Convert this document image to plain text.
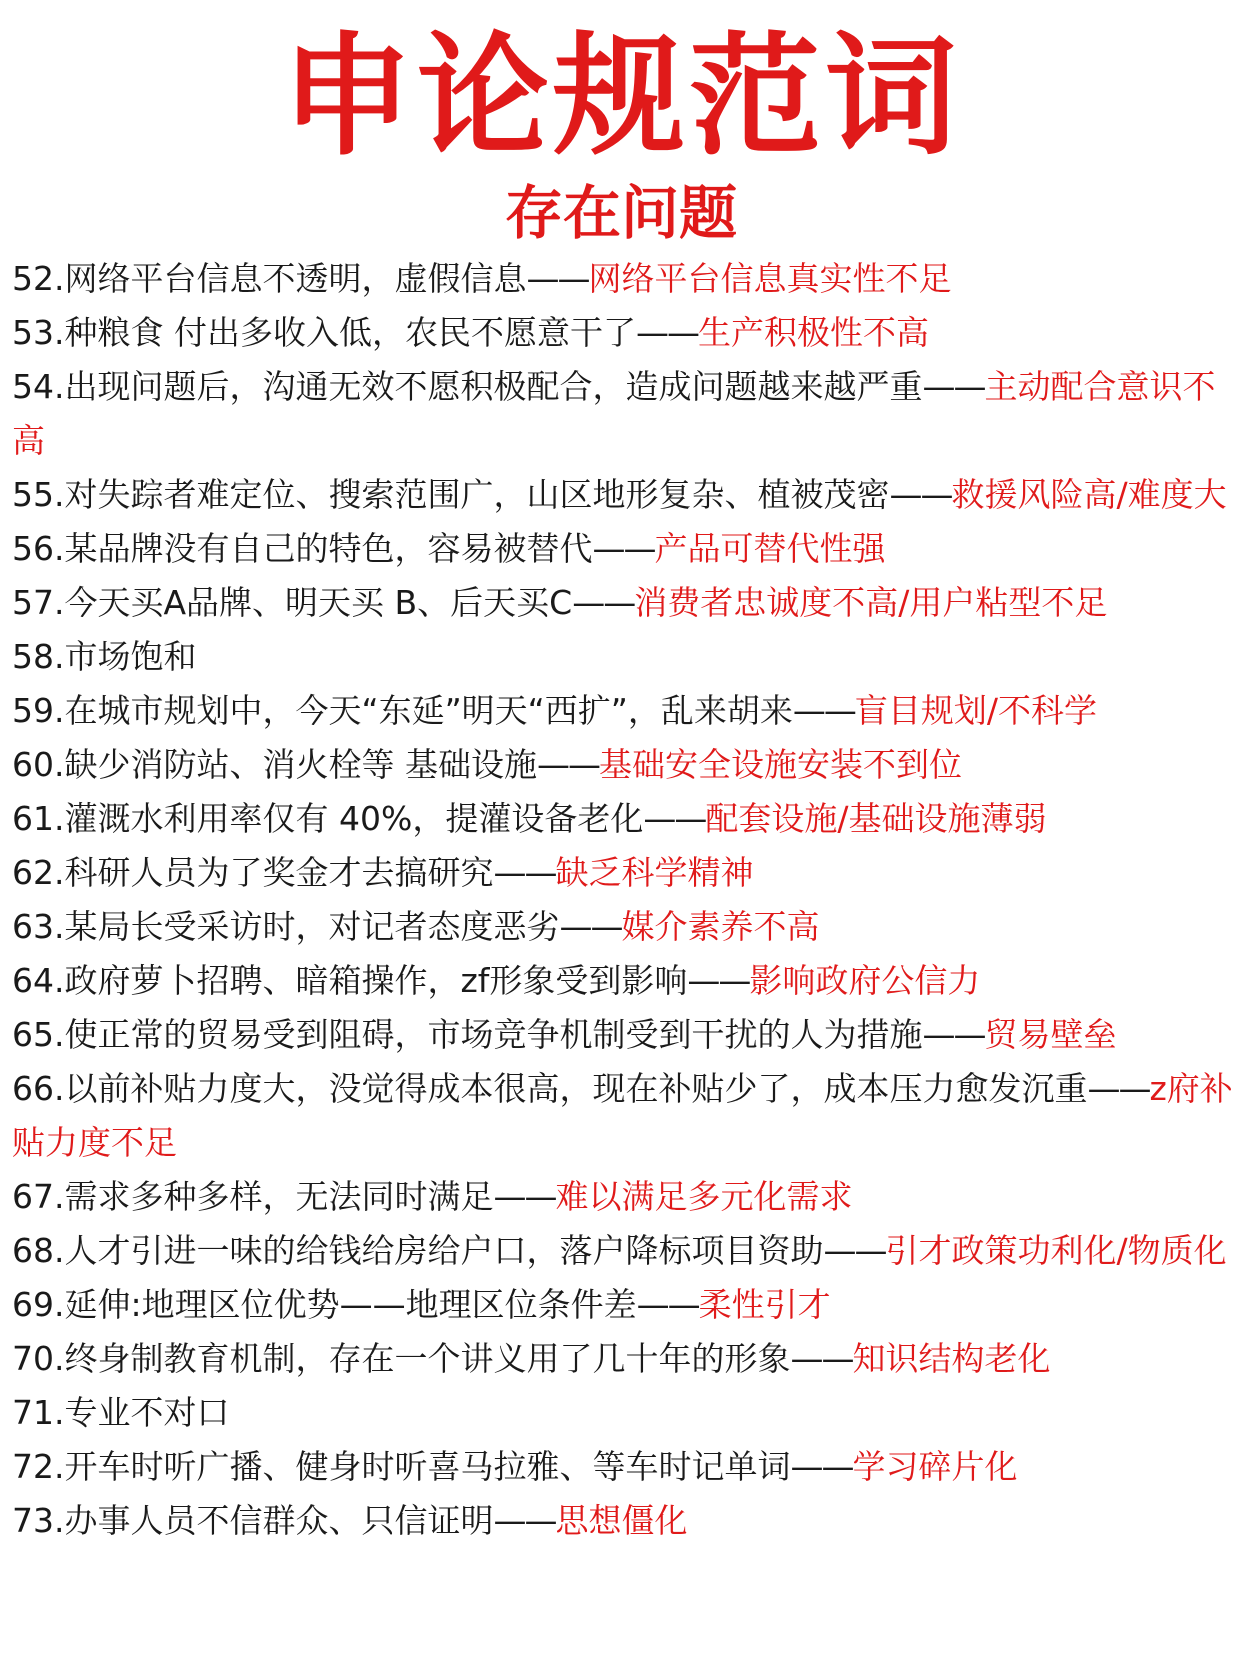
申论规范词
存在问题
52.网络平台信息不透明，虚假信息——网络平台信息真实性不足
53.种粮食 付出多收入低，农民不愿意干了——生产积极性不高
54.出现问题后，沟通无效不愿积极配合，造成问题越来越严重——主动配合意识不高
55.对失踪者难定位、搜索范围广，山区地形复杂、植被茂密——救援风险高/难度大
56.某品牌没有自己的特色，容易被替代——产品可替代性强
57.今天买A品牌、明天买 B、后天买C——消费者忠诚度不高/用户粘型不足
58.市场饱和
59.在城市规划中，今天“东延”明天“西扩”，乱来胡来——盲目规划/不科学
60.缺少消防站、消火栓等 基础设施——基础安全设施安装不到位
61.灌溉水利用率仅有 40%，提灌设备老化——配套设施/基础设施薄弱
62.科研人员为了奖金才去搞研究——缺乏科学精神
63.某局长受采访时，对记者态度恶劣——媒介素养不高
64.政府萝卜招聘、暗箱操作，zf形象受到影响——影响政府公信力
65.使正常的贸易受到阻碍，市场竞争机制受到干扰的人为措施——贸易壁垒
66.以前补贴力度大，没觉得成本很高，现在补贴少了，成本压力愈发沉重——z府补贴力度不足
67.需求多种多样，无法同时满足——难以满足多元化需求
68.人才引进一味的给钱给房给户口，落户降标项目资助——引才政策功利化/物质化
69.延伸:地理区位优势——地理区位条件差——柔性引才
70.终身制教育机制，存在一个讲义用了几十年的形象——知识结构老化
71.专业不对口
72.开车时听广播、健身时听喜马拉雅、等车时记单词——学习碎片化
73.办事人员不信群众、只信证明——思想僵化
